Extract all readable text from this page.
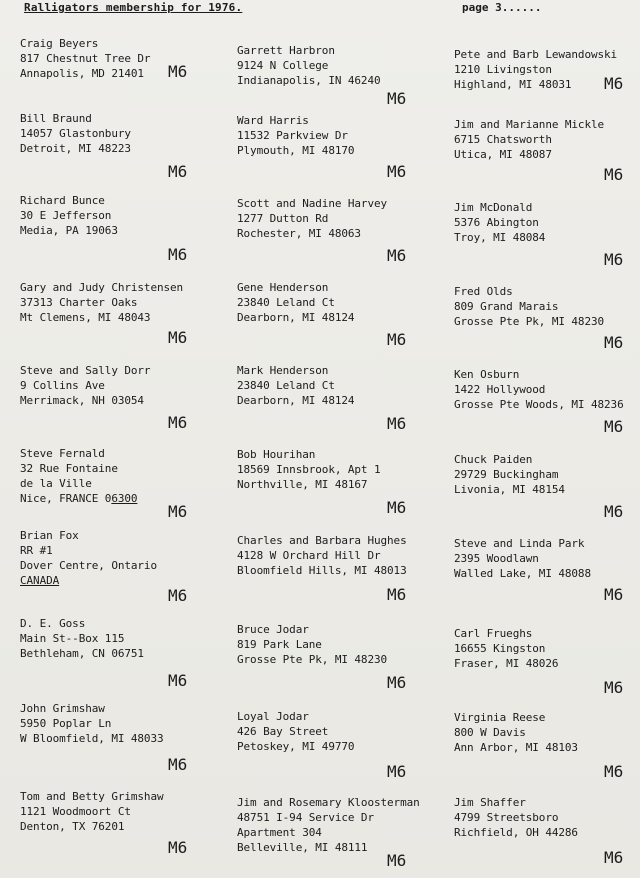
Ralligators membership for 1976.	page 3......
Craig Beyers
817 Chestnut Tree Dr
Annapolis, MD 21401	M6
Bill Braund
14057 Glastonbury
Detroit, MI 48223
M6
Richard Bunce
30 E Jefferson
Media, PA 19063
M6
Gary and Judy Christensen
37313 Charter Oaks
Mt Clemens, MI 48043
M6
Steve and Sally Dorr
9 Collins Ave
Merrimack, NH 03054
M6
Steve Fernald
32 Rue Fontaine
de la Ville
Nice, FRANCE 06300
M6
Brian Fox
RR #1
Dover Centre, Ontario
CANADA
M6
D. E. Goss
Main St--Box 115
Bethleham, CN 06751
M6
John Grimshaw
5950 Poplar Ln
W Bloomfield, MI 48033
M6
Tom and Betty Grimshaw
1121 Woodmoort Ct
Denton, TX 76201
M6
Garrett Harbron
9124 N College
Indianapolis, IN 46240
M6
Ward Harris
11532 Parkview Dr
Plymouth, MI 48170
M6
Scott and Nadine Harvey
1277 Dutton Rd
Rochester, MI 48063
M6
Gene Henderson
23840 Leland Ct
Dearborn, MI 48124
M6
Mark Henderson
23840 Leland Ct
Dearborn, MI 48124
M6
Bob Hourihan
18569 Innsbrook, Apt 1
Northville, MI 48167
M6
Charles and Barbara Hughes
4128 W Orchard Hill Dr
Bloomfield Hills, MI 48013
M6
Bruce Jodar
819 Park Lane
Grosse Pte Pk, MI 48230
M6
Loyal Jodar
426 Bay Street
Petoskey, MI 49770
M6
Jim and Rosemary Kloosterman
48751 I-94 Service Dr
Apartment 304
Belleville, MI 48111
M6
Pete and Barb Lewandowski
1210 Livingston
Highland, MI 48031	M6
Jim and Marianne Mickle
6715 Chatsworth
Utica, MI 48087
M6
Jim McDonald
5376 Abington
Troy, MI 48084
M6
Fred Olds
809 Grand Marais
Grosse Pte Pk, MI 48230
M6
Ken Osburn
1422 Hollywood
Grosse Pte Woods, MI 48236
M6
Chuck Paiden
29729 Buckingham
Livonia, MI 48154
M6
Steve and Linda Park
2395 Woodlawn
Walled Lake, MI 48088
M6
Carl Frueghs
16655 Kingston
Fraser, MI 48026
M6
Virginia Reese
800 W Davis
Ann Arbor, MI 48103
M6
Jim Shaffer
4799 Streetsboro
Richfield, OH 44286
M6
